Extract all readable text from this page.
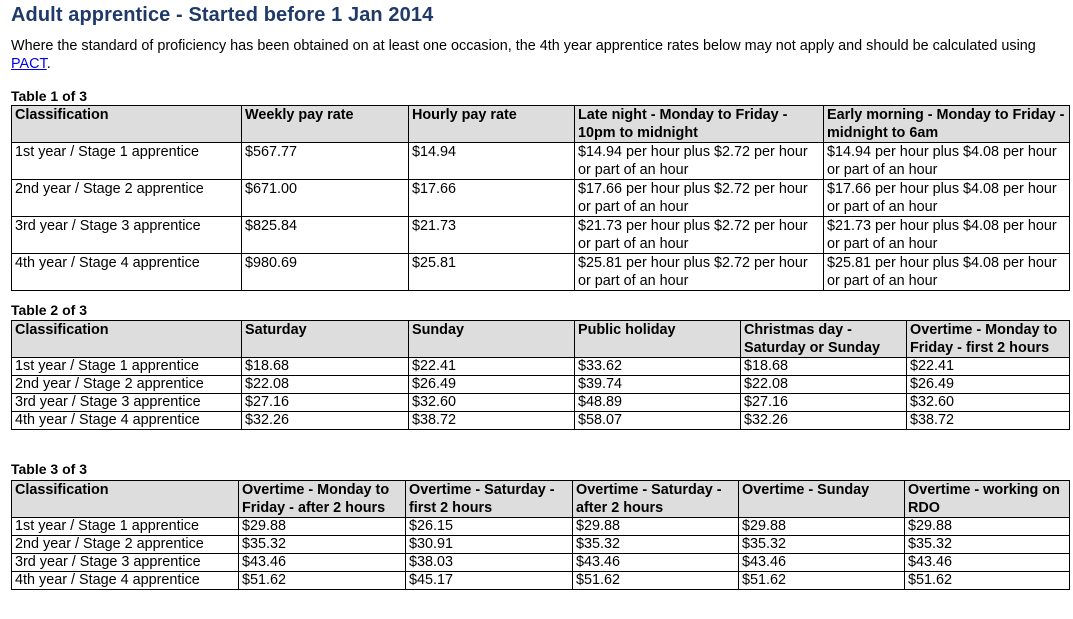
Adult apprentice - Started before 1 Jan 2014

Where the standard of proficiency has been obtained on at least one occasion, the 4th year apprentice rates below may not apply and should be calculated using PACT.

Table 1 of 3

Classification	Weekly pay rate	Hourly pay rate	Late night - Monday to Friday - 10pm to midnight	Early morning - Monday to Friday - midnight to 6am
1st year / Stage 1 apprentice	$567.77	$14.94	$14.94 per hour plus $2.72 per hour or part of an hour	$14.94 per hour plus $4.08 per hour or part of an hour
2nd year / Stage 2 apprentice	$671.00	$17.66	$17.66 per hour plus $2.72 per hour or part of an hour	$17.66 per hour plus $4.08 per hour or part of an hour
3rd year / Stage 3 apprentice	$825.84	$21.73	$21.73 per hour plus $2.72 per hour or part of an hour	$21.73 per hour plus $4.08 per hour or part of an hour
4th year / Stage 4 apprentice	$980.69	$25.81	$25.81 per hour plus $2.72 per hour or part of an hour	$25.81 per hour plus $4.08 per hour or part of an hour

Table 2 of 3

Classification	Saturday	Sunday	Public holiday	Christmas day - Saturday or Sunday	Overtime - Monday to Friday - first 2 hours
1st year / Stage 1 apprentice	$18.68	$22.41	$33.62	$18.68	$22.41
2nd year / Stage 2 apprentice	$22.08	$26.49	$39.74	$22.08	$26.49
3rd year / Stage 3 apprentice	$27.16	$32.60	$48.89	$27.16	$32.60
4th year / Stage 4 apprentice	$32.26	$38.72	$58.07	$32.26	$38.72

Table 3 of 3

Classification	Overtime - Monday to Friday - after 2 hours	Overtime - Saturday - first 2 hours	Overtime - Saturday - after 2 hours	Overtime - Sunday	Overtime - working on RDO
1st year / Stage 1 apprentice	$29.88	$26.15	$29.88	$29.88	$29.88
2nd year / Stage 2 apprentice	$35.32	$30.91	$35.32	$35.32	$35.32
3rd year / Stage 3 apprentice	$43.46	$38.03	$43.46	$43.46	$43.46
4th year / Stage 4 apprentice	$51.62	$45.17	$51.62	$51.62	$51.62
